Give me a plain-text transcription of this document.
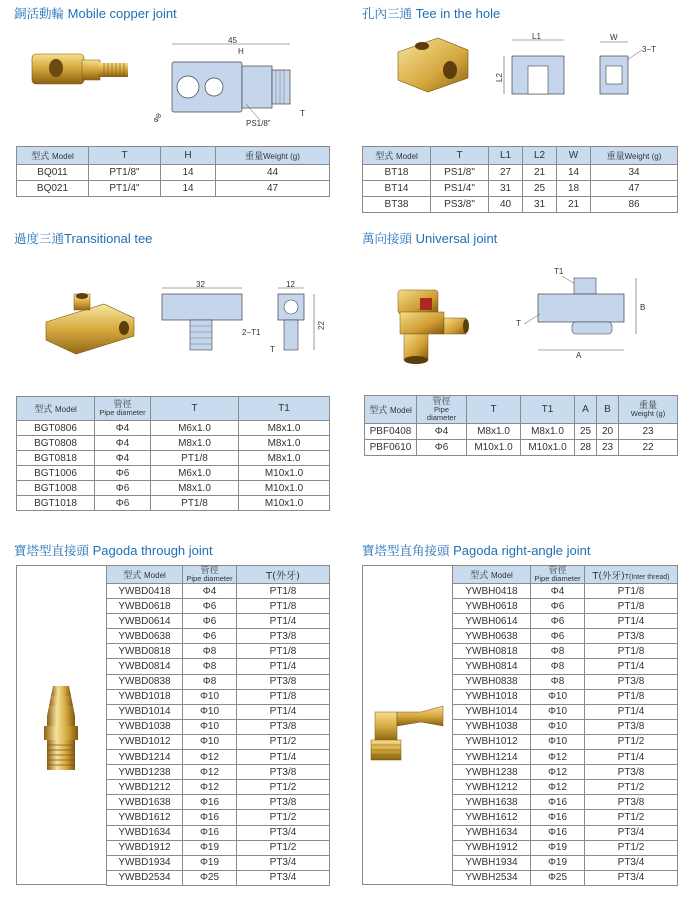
銅活動輪 Mobile copper joint
45
H
Φ8	PS1/8"
T
型式 Model	T	H	重量Weight (g)
BQ011	PT1/8"	14	44
BQ021	PT1/4"	14	47
孔內三通 Tee in the hole
L1
L2
W
3−T
型式 Model	T	L1	L2	W	重量Weight (g)
BT18	PS1/8"	27	21	14	34
BT14	PS1/4"	31	25	18	47
BT38	PS3/8"	40	31	21	86
過度三通Transitional tee
32
2−T1
12
22
T
型式 Model	管徑
Pipe diameter	T	T1
BGT0806	Φ4	M6x1.0	M8x1.0
BGT0808	Φ4	M8x1.0	M8x1.0
BGT0818	Φ4	PT1/8	M8x1.0
BGT1006	Φ6	M6x1.0	M10x1.0
BGT1008	Φ6	M8x1.0	M10x1.0
BGT1018	Φ6	PT1/8	M10x1.0
萬向接頭 Universal joint
T1
T
A
B
型式 Model	管徑
Pipe
diameter	T	T1	A	B	重量
Weight (g)

PBF0408	Φ4	M8x1.0	M8x1.0	25	20	23
PBF0610	Φ6	M10x1.0	M10x1.0	28	23	22
寶塔型直接頭 Pagoda through joint
型式 Model	管徑
Pipe diameter	T(外牙)
YWBD0418	Φ4	PT1/8
YWBD0618	Φ6	PT1/8
YWBD0614	Φ6	PT1/4
YWBD0638	Φ6	PT3/8
YWBD0818	Φ8	PT1/8
YWBD0814	Φ8	PT1/4
YWBD0838	Φ8	PT3/8
YWBD1018	Φ10	PT1/8
YWBD1014	Φ10	PT1/4
YWBD1038	Φ10	PT3/8
YWBD1012	Φ10	PT1/2
YWBD1214	Φ12	PT1/4
YWBD1238	Φ12	PT3/8
YWBD1212	Φ12	PT1/2
YWBD1638	Φ16	PT3/8
YWBD1612	Φ16	PT1/2
YWBD1634	Φ16	PT3/4
YWBD1912	Φ19	PT1/2
YWBD1934	Φ19	PT3/4
YWBD2534	Φ25	PT3/4
寶塔型直角接頭 Pagoda right-angle joint
型式 Model	管徑
Pipe diameter	T(外牙)T(Inter thread)
YWBH0418	Φ4	PT1/8
YWBH0618	Φ6	PT1/8
YWBH0614	Φ6	PT1/4
YWBH0638	Φ6	PT3/8
YWBH0818	Φ8	PT1/8
YWBH0814	Φ8	PT1/4
YWBH0838	Φ8	PT3/8
YWBH1018	Φ10	PT1/8
YWBH1014	Φ10	PT1/4
YWBH1038	Φ10	PT3/8
YWBH1012	Φ10	PT1/2
YWBH1214	Φ12	PT1/4
YWBH1238	Φ12	PT3/8
YWBH1212	Φ12	PT1/2
YWBH1638	Φ16	PT3/8
YWBH1612	Φ16	PT1/2
YWBH1634	Φ16	PT3/4
YWBH1912	Φ19	PT1/2
YWBH1934	Φ19	PT3/4
YWBH2534	Φ25	PT3/4
